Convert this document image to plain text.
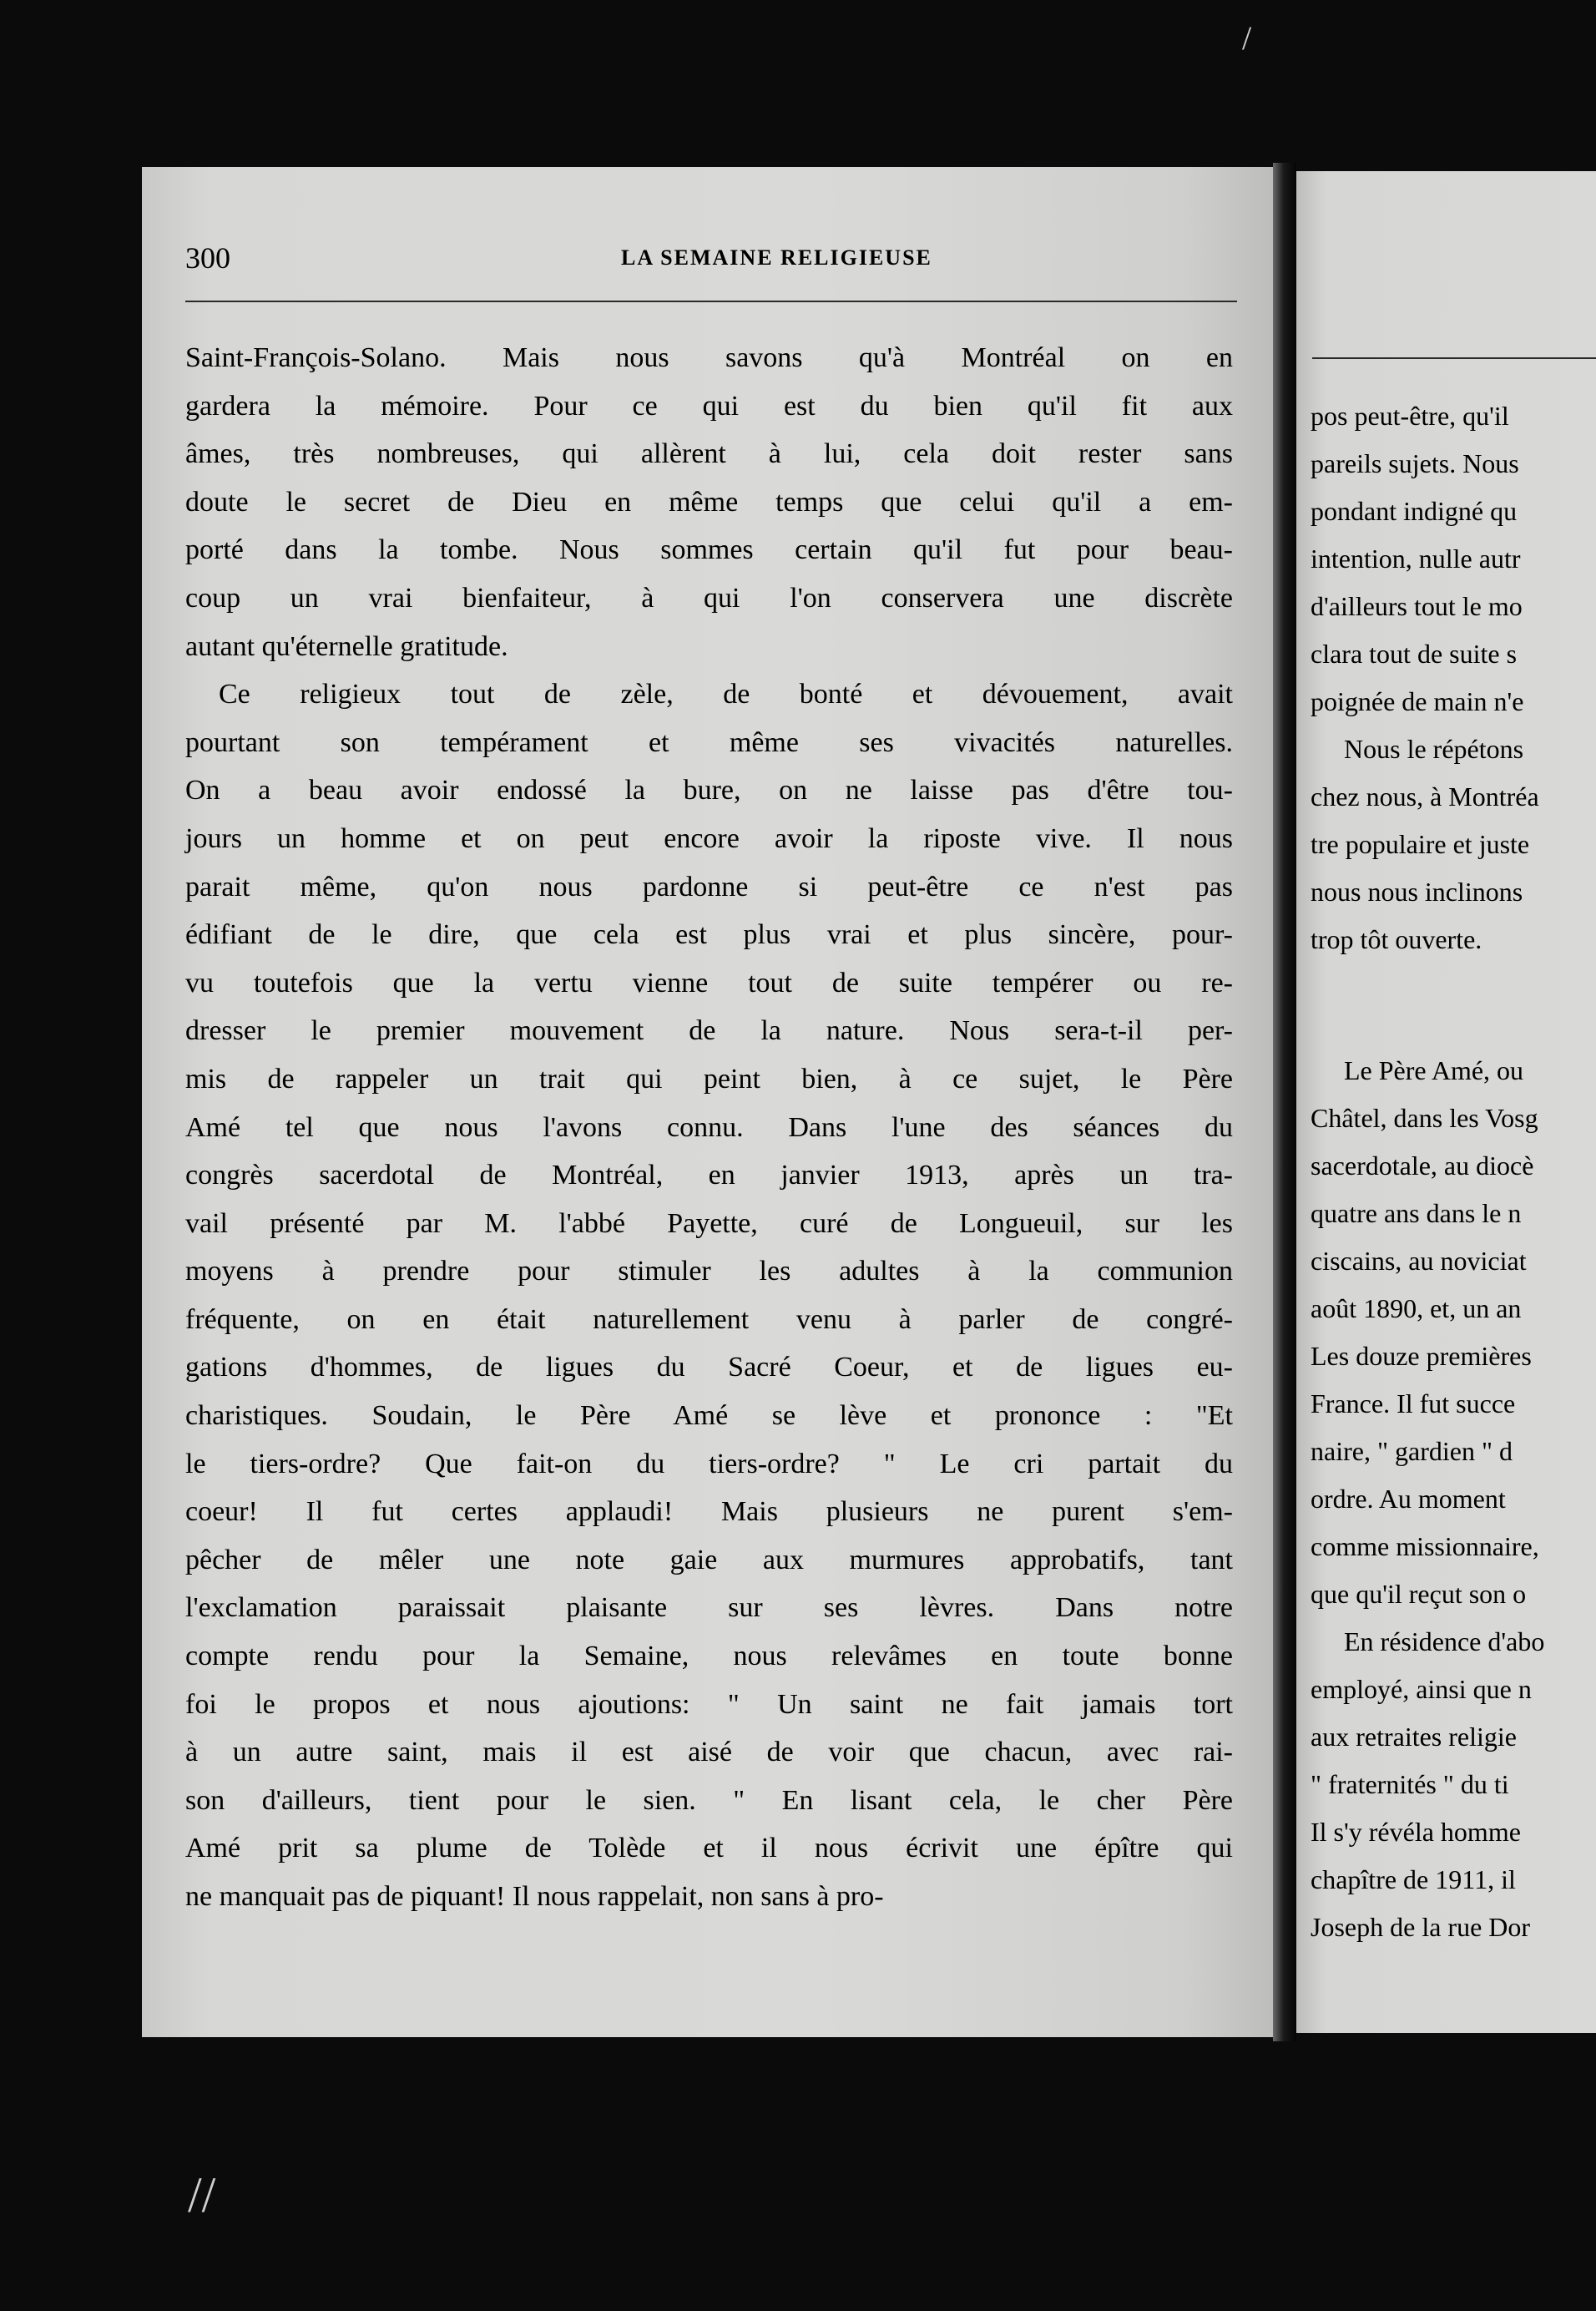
/
//
300	LA SEMAINE RELIGIEUSE
Saint-François-Solano. Mais nous savons qu'à Montréal on en
gardera la mémoire. Pour ce qui est du bien qu'il fit aux
âmes, très nombreuses, qui allèrent à lui, cela doit rester sans
doute le secret de Dieu en même temps que celui qu'il a em-
porté dans la tombe. Nous sommes certain qu'il fut pour beau-
coup un vrai bienfaiteur, à qui l'on conservera une discrète
autant qu'éternelle gratitude.
Ce religieux tout de zèle, de bonté et dévouement, avait
pourtant son tempérament et même ses vivacités naturelles.
On a beau avoir endossé la bure, on ne laisse pas d'être tou-
jours un homme et on peut encore avoir la riposte vive. Il nous
parait même, qu'on nous pardonne si peut-être ce n'est pas
édifiant de le dire, que cela est plus vrai et plus sincère, pour-
vu toutefois que la vertu vienne tout de suite tempérer ou re-
dresser le premier mouvement de la nature. Nous sera-t-il per-
mis de rappeler un trait qui peint bien, à ce sujet, le Père
Amé tel que nous l'avons connu. Dans l'une des séances du
congrès sacerdotal de Montréal, en janvier 1913, après un tra-
vail présenté par M. l'abbé Payette, curé de Longueuil, sur les
moyens à prendre pour stimuler les adultes à la communion
fréquente, on en était naturellement venu à parler de congré-
gations d'hommes, de ligues du Sacré Coeur, et de ligues eu-
charistiques. Soudain, le Père Amé se lève et prononce : "Et
le tiers-ordre? Que fait-on du tiers-ordre? " Le cri partait du
coeur! Il fut certes applaudi! Mais plusieurs ne purent s'em-
pêcher de mêler une note gaie aux murmures approbatifs, tant
l'exclamation paraissait plaisante sur ses lèvres. Dans notre
compte rendu pour la Semaine, nous relevâmes en toute bonne
foi le propos et nous ajoutions: " Un saint ne fait jamais tort
à un autre saint, mais il est aisé de voir que chacun, avec rai-
son d'ailleurs, tient pour le sien. " En lisant cela, le cher Père
Amé prit sa plume de Tolède et il nous écrivit une épître qui
ne manquait pas de piquant! Il nous rappelait, non sans à pro-
pos peut-être, qu'il
pareils sujets. Nous
pondant indigné qu
intention, nulle autr
d'ailleurs tout le mo
clara tout de suite s
poignée de main n'e
Nous le répétons
chez nous, à Montréa
tre populaire et juste
nous nous inclinons
trop tôt ouverte.
Le Père Amé, ou
Châtel, dans les Vosg
sacerdotale, au diocè
quatre ans dans le n
ciscains, au noviciat
août 1890, et, un an
Les douze premières
France. Il fut succe
naire, " gardien " d
ordre. Au moment
comme missionnaire,
que qu'il reçut son o
En résidence d'abo
employé, ainsi que n
aux retraites religie
" fraternités " du ti
Il s'y révéla homme
chapître de 1911, il
Joseph de la rue Dor
